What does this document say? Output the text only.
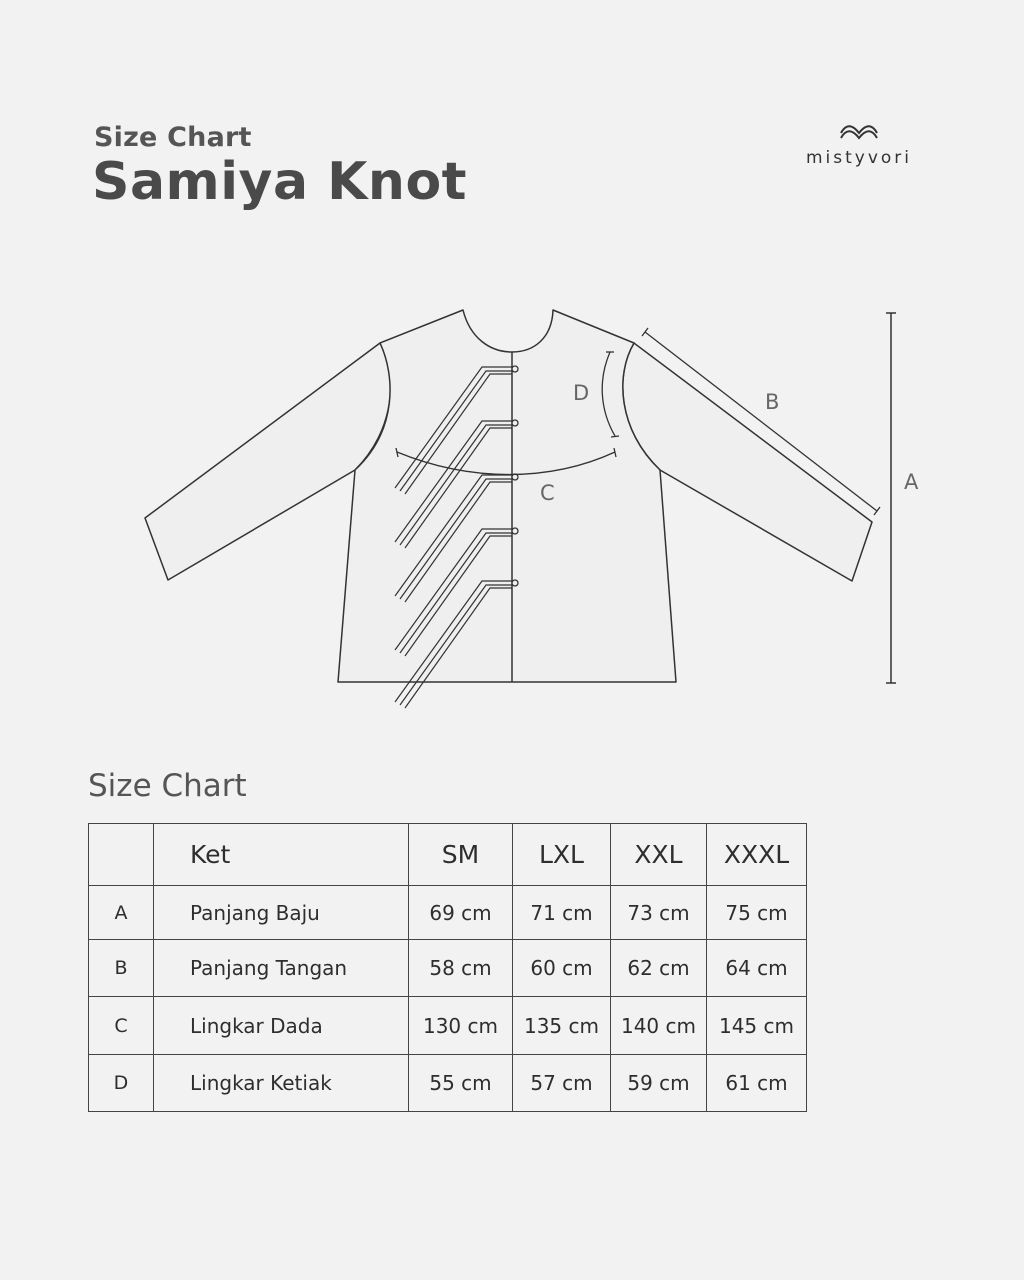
Size Chart
Samiya Knot	mistyvori
A
B
C
D
Size Chart
	Ket	SM	LXL	XXL	XXXL
A	Panjang Baju	69 cm	71 cm	73 cm	75 cm
B	Panjang Tangan	58 cm	60 cm	62 cm	64 cm
C	Lingkar Dada	130 cm	135 cm	140 cm	145 cm
D	Lingkar Ketiak	55 cm	57 cm	59 cm	61 cm
